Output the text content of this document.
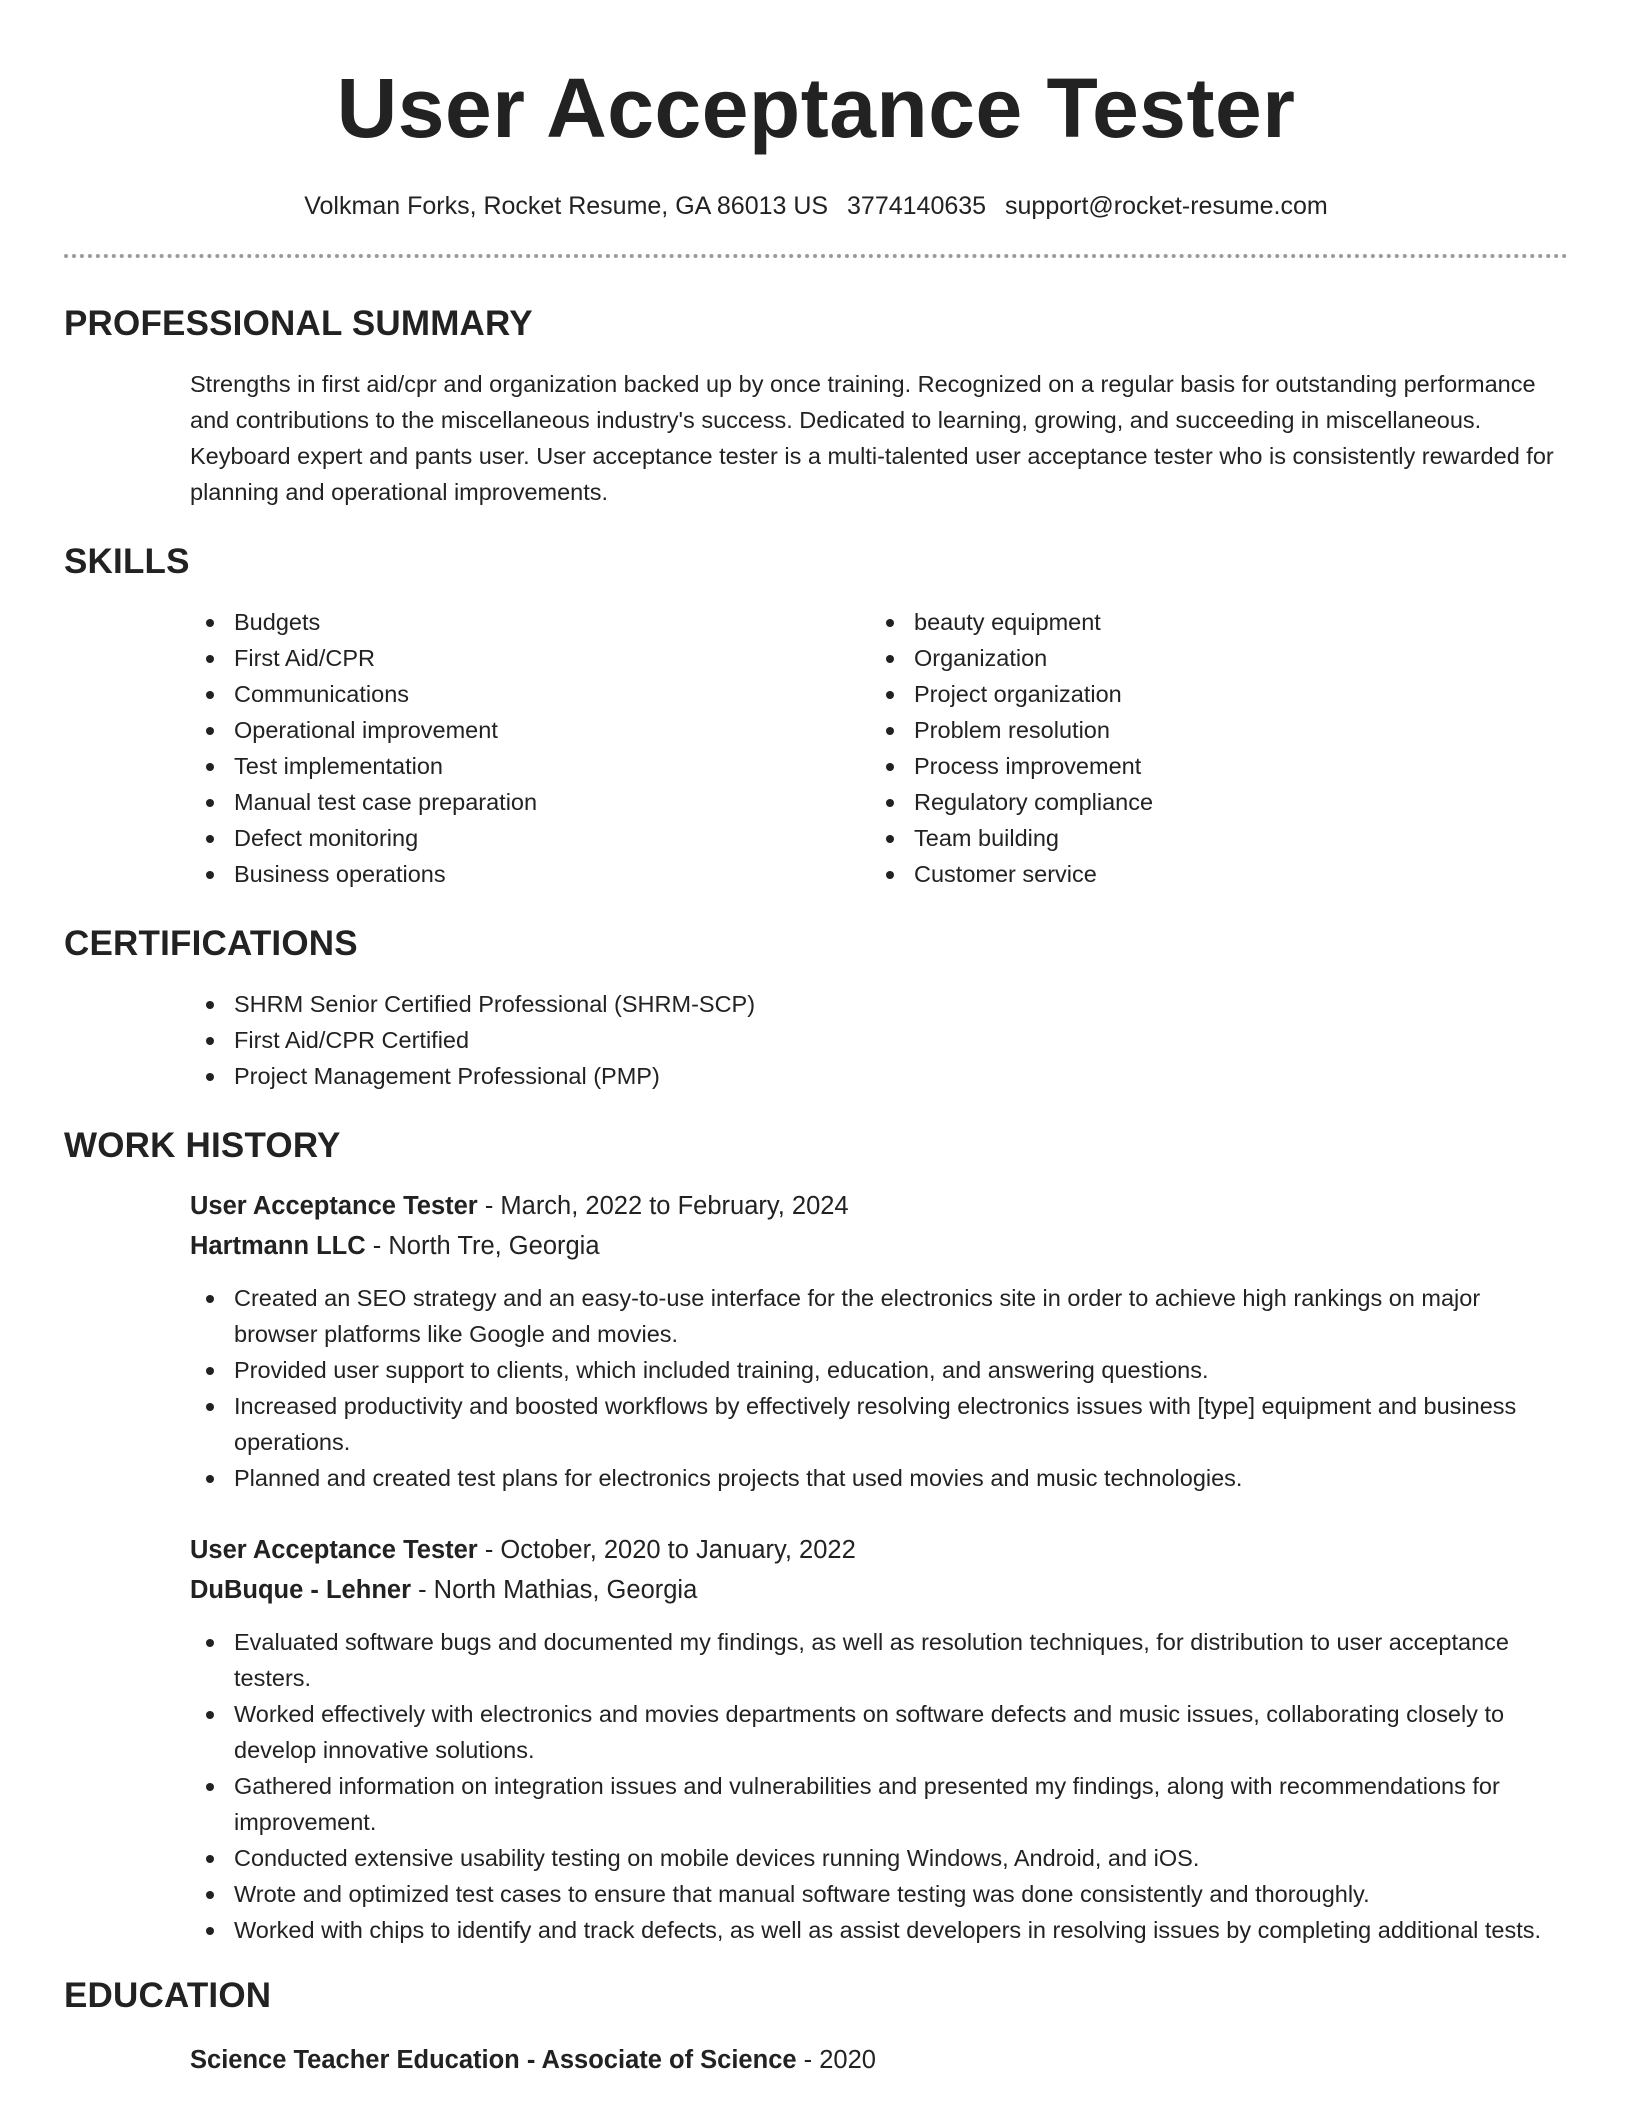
User Acceptance Tester
Volkman Forks, Rocket Resume, GA 86013 US 3774140635 support@rocket-resume.com
PROFESSIONAL SUMMARY

Strengths in first aid/cpr and organization backed up by once training. Recognized on a regular basis for outstanding performance and contributions to the miscellaneous industry's success. Dedicated to learning, growing, and succeeding in miscellaneous. Keyboard expert and pants user. User acceptance tester is a multi-talented user acceptance tester who is consistently rewarded for planning and operational improvements.

SKILLS
Budgets
First Aid/CPR
Communications
Operational improvement
Test implementation
Manual test case preparation
Defect monitoring
Business operations
beauty equipment
Organization
Project organization
Problem resolution
Process improvement
Regulatory compliance
Team building
Customer service
CERTIFICATIONS
SHRM Senior Certified Professional (SHRM-SCP)
First Aid/CPR Certified
Project Management Professional (PMP)
WORK HISTORY
User Acceptance Tester - March, 2022 to February, 2024
Hartmann LLC - North Tre, Georgia
Created an SEO strategy and an easy-to-use interface for the electronics site in order to achieve high rankings on major browser platforms like Google and movies.
Provided user support to clients, which included training, education, and answering questions.
Increased productivity and boosted workflows by effectively resolving electronics issues with [type] equipment and business operations.
Planned and created test plans for electronics projects that used movies and music technologies.
User Acceptance Tester - October, 2020 to January, 2022
DuBuque - Lehner - North Mathias, Georgia
Evaluated software bugs and documented my findings, as well as resolution techniques, for distribution to user acceptance testers.
Worked effectively with electronics and movies departments on software defects and music issues, collaborating closely to develop innovative solutions.
Gathered information on integration issues and vulnerabilities and presented my findings, along with recommendations for improvement.
Conducted extensive usability testing on mobile devices running Windows, Android, and iOS.
Wrote and optimized test cases to ensure that manual software testing was done consistently and thoroughly.
Worked with chips to identify and track defects, as well as assist developers in resolving issues by completing additional tests.
EDUCATION
Science Teacher Education - Associate of Science - 2020
